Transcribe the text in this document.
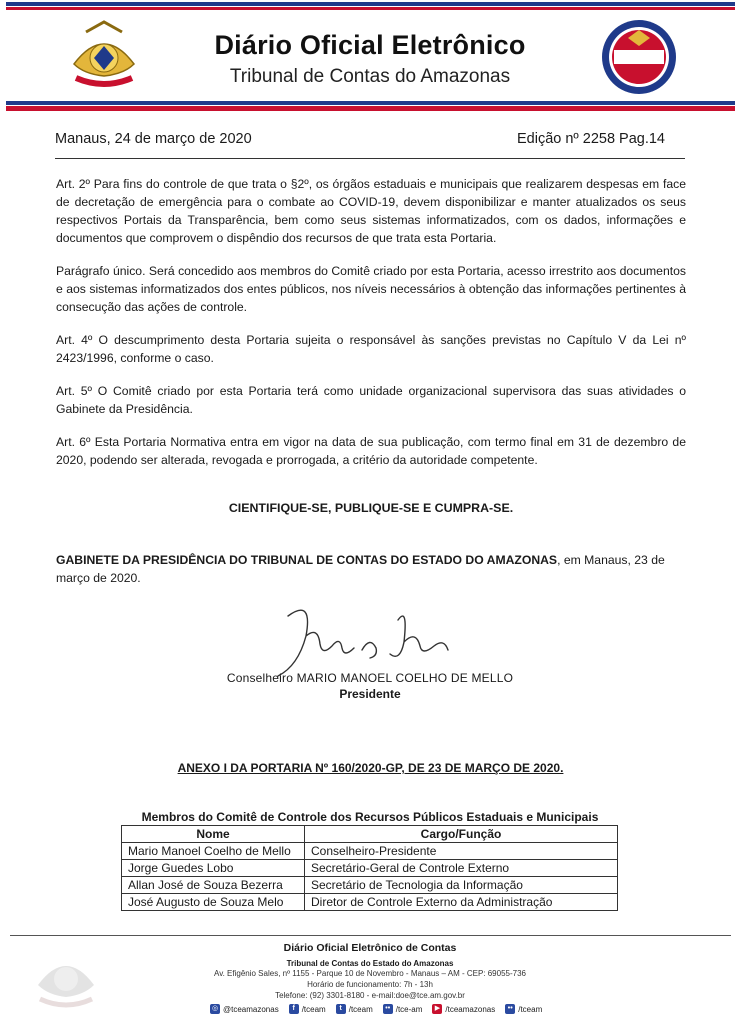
Diário Oficial Eletrônico
Tribunal de Contas do Amazonas
Manaus, 24 de março de 2020	Edição nº 2258 Pag.14

Art. 2º Para fins do controle de que trata o §2º, os órgãos estaduais e municipais que realizarem despesas em face de decretação de emergência para o combate ao COVID-19, devem disponibilizar e manter atualizados os seus respectivos Portais da Transparência, bem como seus sistemas informatizados, com os dados, informações e documentos que comprovem o dispêndio dos recursos de que trata esta Portaria.

Parágrafo único. Será concedido aos membros do Comitê criado por esta Portaria, acesso irrestrito aos documentos e aos sistemas informatizados dos entes públicos, nos níveis necessários à obtenção das informações pertinentes à consecução das ações de controle.

Art. 4º O descumprimento desta Portaria sujeita o responsável às sanções previstas no Capítulo V da Lei nº 2423/1996, conforme o caso.

Art. 5º O Comitê criado por esta Portaria terá como unidade organizacional supervisora das suas atividades o Gabinete da Presidência.

Art. 6º Esta Portaria Normativa entra em vigor na data de sua publicação, com termo final em 31 de dezembro de 2020, podendo ser alterada, revogada e prorrogada, a critério da autoridade competente.

CIENTIFIQUE-SE, PUBLIQUE-SE E CUMPRA-SE.

GABINETE DA PRESIDÊNCIA DO TRIBUNAL DE CONTAS DO ESTADO DO AMAZONAS, em Manaus, 23 de março de 2020.
Conselheiro MARIO MANOEL COELHO DE MELLO
Presidente
ANEXO I DA PORTARIA Nº 160/2020-GP, DE 23 DE MARÇO DE 2020.
Membros do Comitê de Controle dos Recursos Públicos Estaduais e Municipais
Nome	Cargo/Função
Mario Manoel Coelho de Mello	Conselheiro-Presidente
Jorge Guedes Lobo	Secretário-Geral de Controle Externo
Allan José de Souza Bezerra	Secretário de Tecnologia da Informação
José Augusto de Souza Melo	Diretor de Controle Externo da Administração
Diário Oficial Eletrônico de Contas
Tribunal de Contas do Estado do Amazonas
Av. Efigênio Sales, nº 1155 - Parque 10 de Novembro - Manaus – AM - CEP: 69055-736
Horário de funcionamento: 7h - 13h
Telefone: (92) 3301-8180 - e-mail:doe@tce.am.gov.br
◎ @tceamazonas	f /tceam	t /tceam	•• /tce-am	▶ /tceamazonas	•• /tceam
